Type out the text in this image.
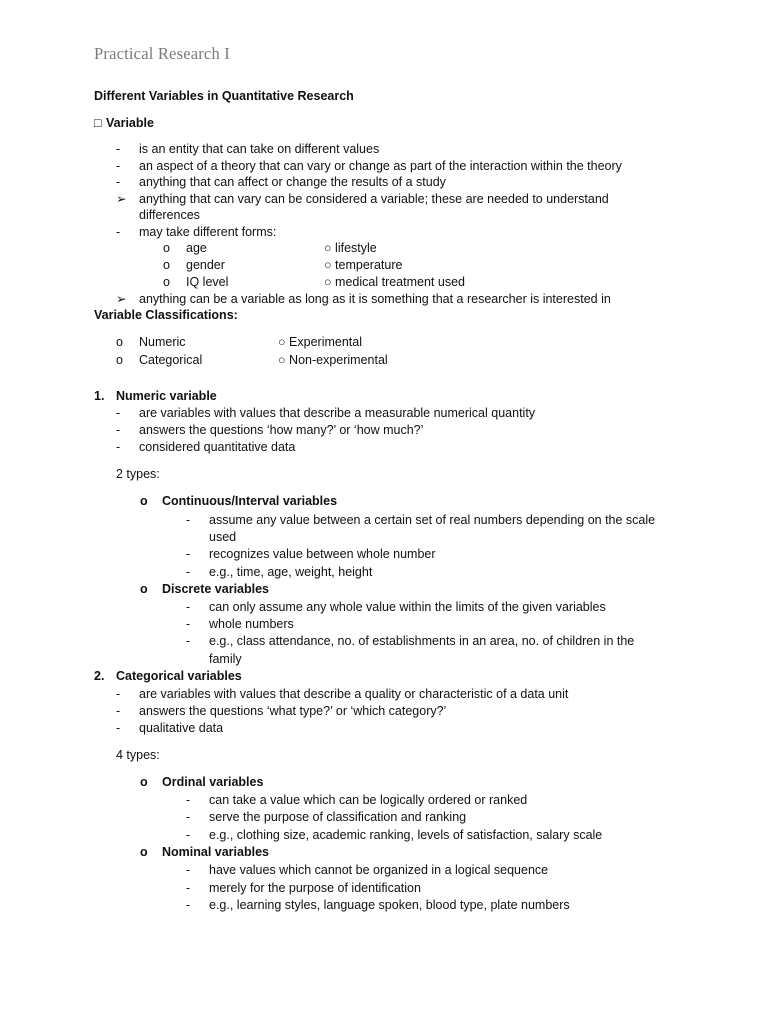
Practical Research I
Different Variables in Quantitative Research
□ Variable
- is an entity that can take on different values
- an aspect of a theory that can vary or change as part of the interaction within the theory
- anything that can affect or change the results of a study
➢ anything that can vary can be considered a variable; these are needed to understand
differences
- may take different forms:
o age	○ lifestyle
o gender	○ temperature
o IQ level	○ medical treatment used
➢ anything can be a variable as long as it is something that a researcher is interested in
Variable Classifications:
o Numeric	○ Experimental
o Categorical	○ Non-experimental
1. Numeric variable
- are variables with values that describe a measurable numerical quantity
- answers the questions ‘how many?’ or ‘how much?’
- considered quantitative data
2 types:
o Continuous/Interval variables
- assume any value between a certain set of real numbers depending on the scale
used
- recognizes value between whole number
- e.g., time, age, weight, height
o Discrete variables
- can only assume any whole value within the limits of the given variables
- whole numbers
- e.g., class attendance, no. of establishments in an area, no. of children in the
family
2. Categorical variables
- are variables with values that describe a quality or characteristic of a data unit
- answers the questions ‘what type?’ or ‘which category?’
- qualitative data
4 types:
o Ordinal variables
- can take a value which can be logically ordered or ranked
- serve the purpose of classification and ranking
- e.g., clothing size, academic ranking, levels of satisfaction, salary scale
o Nominal variables
- have values which cannot be organized in a logical sequence
- merely for the purpose of identification
- e.g., learning styles, language spoken, blood type, plate numbers
